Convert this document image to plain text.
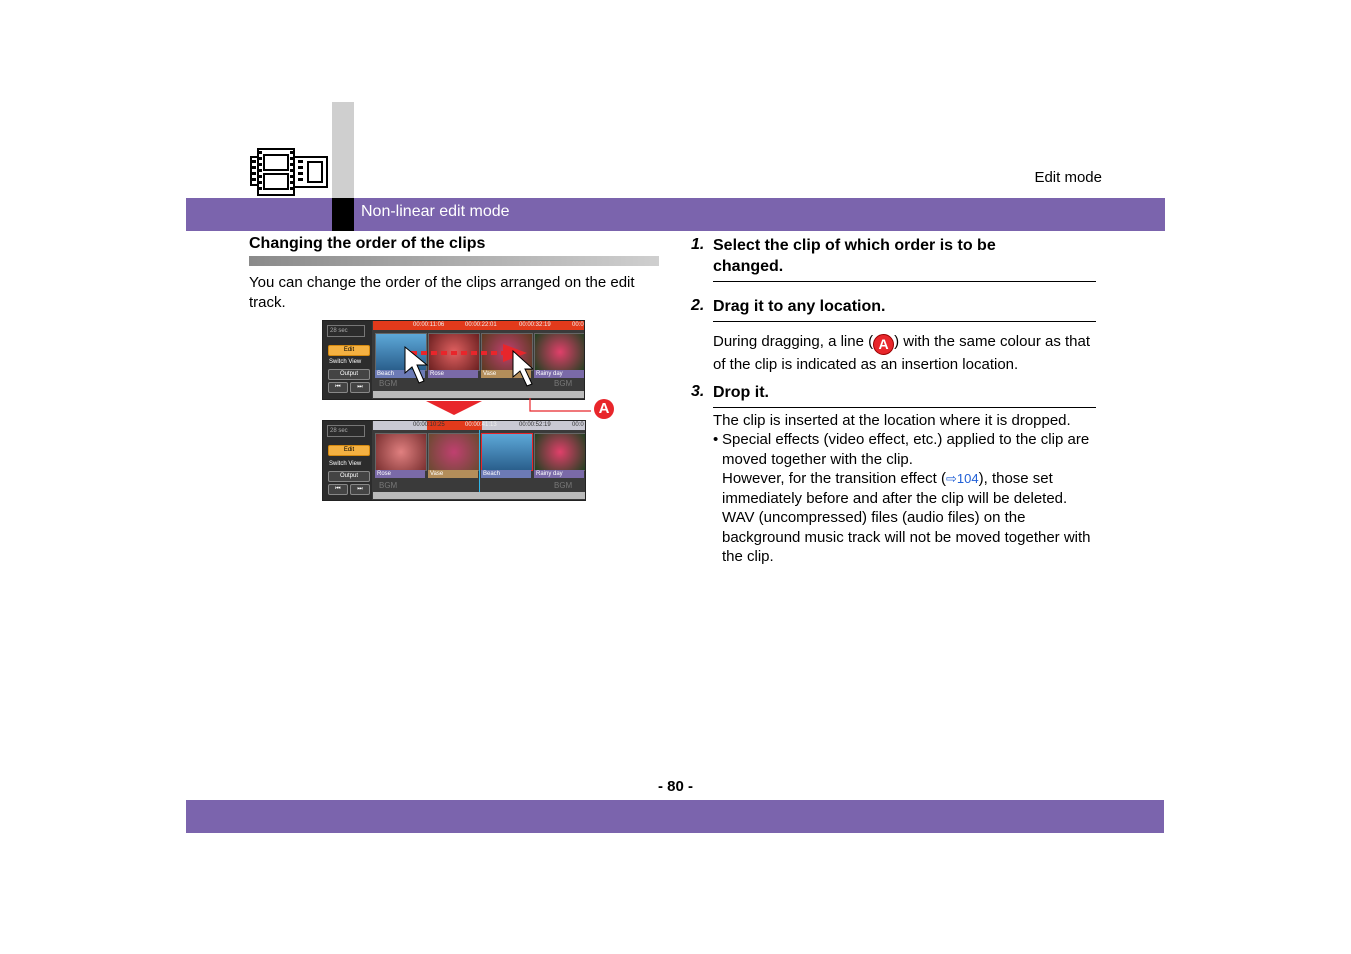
Edit mode
Non-linear edit mode
Changing the order of the clips
You can change the order of the clips arranged on the edit track.
28 sec
Edit
Switch View
Output
⏮	⏭
00:00:11:06	00:00:22:01	00:00:32:19	00:0
Beach	Rose	Vase	Rainy day
BGM	BGM
A
28 sec
Edit
Switch View
Output
⏮	⏭
00:00:10:25	00:00:41:13	00:00:52:19	00:0
Rose	Vase	Beach	Rainy day
BGM	BGM
1. Select the clip of which order is to be changed.
2. Drag it to any location.
During dragging, a line ( A ) with the same colour as that of the clip is indicated as an insertion location.
3. Drop it.
The clip is inserted at the location where it is dropped.
• Special effects (video effect, etc.) applied to the clip are moved together with the clip.
However, for the transition effect (⇨104), those set immediately before and after the clip will be deleted.
WAV (uncompressed) files (audio files) on the background music track will not be moved together with the clip.
- 80 -
